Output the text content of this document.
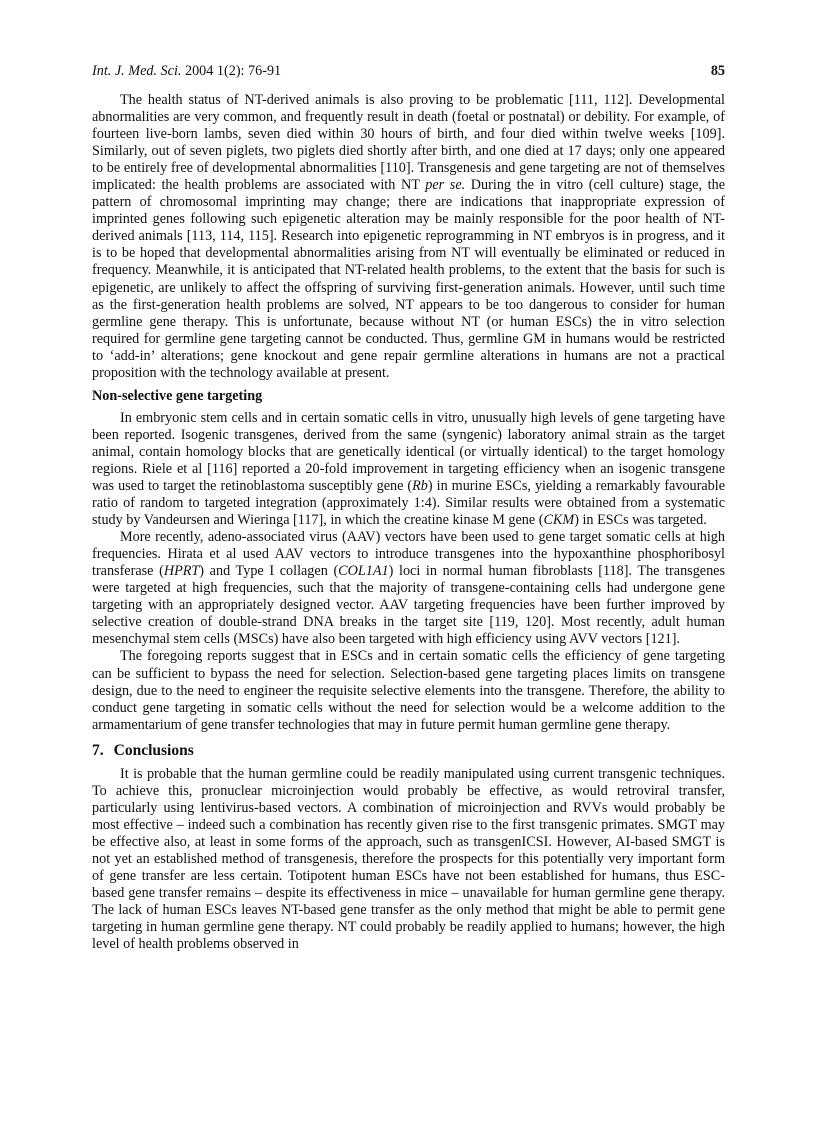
Int. J. Med. Sci. 2004 1(2): 76-91	85

The health status of NT-derived animals is also proving to be problematic [111, 112]. Developmental abnormalities are very common, and frequently result in death (foetal or postnatal) or debility. For example, of fourteen live-born lambs, seven died within 30 hours of birth, and four died within twelve weeks [109]. Similarly, out of seven piglets, two piglets died shortly after birth, and one died at 17 days; only one appeared to be entirely free of developmental abnormalities [110]. Transgenesis and gene targeting are not of themselves implicated: the health problems are associated with NT per se. During the in vitro (cell culture) stage, the pattern of chromosomal imprinting may change; there are indications that inappropriate expression of imprinted genes following such epigenetic alteration may be mainly responsible for the poor health of NT-derived animals [113, 114, 115]. Research into epigenetic reprogramming in NT embryos is in progress, and it is to be hoped that developmental abnormalities arising from NT will eventually be eliminated or reduced in frequency. Meanwhile, it is anticipated that NT-related health problems, to the extent that the basis for such is epigenetic, are unlikely to affect the offspring of surviving first-generation animals. However, until such time as the first-generation health problems are solved, NT appears to be too dangerous to consider for human germline gene therapy. This is unfortunate, because without NT (or human ESCs) the in vitro selection required for germline gene targeting cannot be conducted. Thus, germline GM in humans would be restricted to ‘add-in’ alterations; gene knockout and gene repair germline alterations in humans are not a practical proposition with the technology available at present.

Non-selective gene targeting

In embryonic stem cells and in certain somatic cells in vitro, unusually high levels of gene targeting have been reported. Isogenic transgenes, derived from the same (syngenic) laboratory animal strain as the target animal, contain homology blocks that are genetically identical (or virtually identical) to the target homology regions. Riele et al [116] reported a 20-fold improvement in targeting efficiency when an isogenic transgene was used to target the retinoblastoma susceptibly gene (Rb) in murine ESCs, yielding a remarkably favourable ratio of random to targeted integration (approximately 1:4). Similar results were obtained from a systematic study by Vandeursen and Wieringa [117], in which the creatine kinase M gene (CKM) in ESCs was targeted.

More recently, adeno-associated virus (AAV) vectors have been used to gene target somatic cells at high frequencies. Hirata et al used AAV vectors to introduce transgenes into the hypoxanthine phosphoribosyl transferase (HPRT) and Type I collagen (COL1A1) loci in normal human fibroblasts [118]. The transgenes were targeted at high frequencies, such that the majority of transgene-containing cells had undergone gene targeting with an appropriately designed vector. AAV targeting frequencies have been further improved by selective creation of double-strand DNA breaks in the target site [119, 120]. Most recently, adult human mesenchymal stem cells (MSCs) have also been targeted with high efficiency using AVV vectors [121].

The foregoing reports suggest that in ESCs and in certain somatic cells the efficiency of gene targeting can be sufficient to bypass the need for selection. Selection-based gene targeting places limits on transgene design, due to the need to engineer the requisite selective elements into the transgene. Therefore, the ability to conduct gene targeting in somatic cells without the need for selection would be a welcome addition to the armamentarium of gene transfer technologies that may in future permit human germline gene therapy.

7. Conclusions

It is probable that the human germline could be readily manipulated using current transgenic techniques. To achieve this, pronuclear microinjection would probably be effective, as would retroviral transfer, particularly using lentivirus-based vectors. A combination of microinjection and RVVs would probably be most effective – indeed such a combination has recently given rise to the first transgenic primates. SMGT may be effective also, at least in some forms of the approach, such as transgenICSI. However, AI-based SMGT is not yet an established method of transgenesis, therefore the prospects for this potentially very important form of gene transfer are less certain. Totipotent human ESCs have not been established for humans, thus ESC-based gene transfer remains – despite its effectiveness in mice – unavailable for human germline gene therapy. The lack of human ESCs leaves NT-based gene transfer as the only method that might be able to permit gene targeting in human germline gene therapy. NT could probably be readily applied to humans; however, the high level of health problems observed in
